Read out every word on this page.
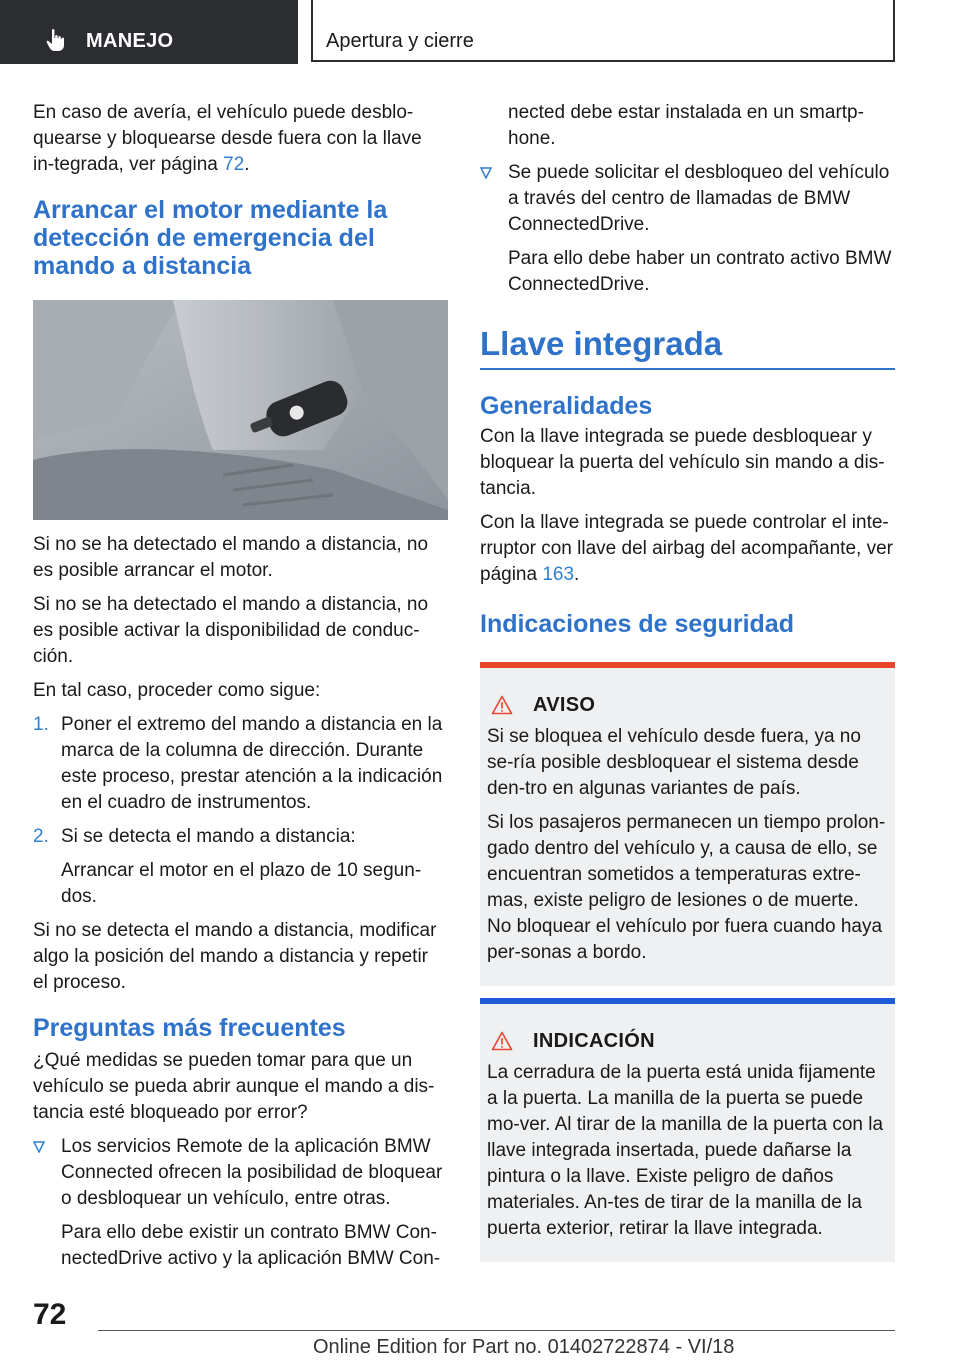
MANEJO	Apertura y cierre

En caso de avería, el vehículo puede desblo-quearse y bloquearse desde fuera con la llave in-tegrada, ver página 72.

Arrancar el motor mediante la detección de emergencia del mando a distancia

Si no se ha detectado el mando a distancia, no es posible arrancar el motor.

Si no se ha detectado el mando a distancia, no es posible activar la disponibilidad de conduc-ción.

En tal caso, proceder como sigue:

1. Poner el extremo del mando a distancia en la marca de la columna de dirección. Durante este proceso, prestar atención a la indicación en el cuadro de instrumentos.
2. Si se detecta el mando a distancia:
Arrancar el motor en el plazo de 10 segun-dos.

Si no se detecta el mando a distancia, modificar algo la posición del mando a distancia y repetir el proceso.

Preguntas más frecuentes

¿Qué medidas se pueden tomar para que un vehículo se pueda abrir aunque el mando a dis-tancia esté bloqueado por error?

Los servicios Remote de la aplicación BMW Connected ofrecen la posibilidad de bloquear o desbloquear un vehículo, entre otras.
Para ello debe existir un contrato BMW Con-nectedDrive activo y la aplicación BMW Con-

nected debe estar instalada en un smartp-hone.

Se puede solicitar el desbloqueo del vehículo a través del centro de llamadas de BMW ConnectedDrive.
Para ello debe haber un contrato activo BMW ConnectedDrive.
Llave integrada
Generalidades

Con la llave integrada se puede desbloquear y bloquear la puerta del vehículo sin mando a dis-tancia.

Con la llave integrada se puede controlar el inte-rruptor con llave del airbag del acompañante, ver página 163.

Indicaciones de seguridad
AVISO

Si se bloquea el vehículo desde fuera, ya no se-ría posible desbloquear el sistema desde den-tro en algunas variantes de país.

Si los pasajeros permanecen un tiempo prolon-gado dentro del vehículo y, a causa de ello, se encuentran sometidos a temperaturas extre-mas, existe peligro de lesiones o de muerte. No bloquear el vehículo por fuera cuando haya per-sonas a bordo.

INDICACIÓN

La cerradura de la puerta está unida fijamente a la puerta. La manilla de la puerta se puede mo-ver. Al tirar de la manilla de la puerta con la llave integrada insertada, puede dañarse la pintura o la llave. Existe peligro de daños materiales. An-tes de tirar de la manilla de la puerta exterior, retirar la llave integrada.

72
Online Edition for Part no. 01402722874 - VI/18
